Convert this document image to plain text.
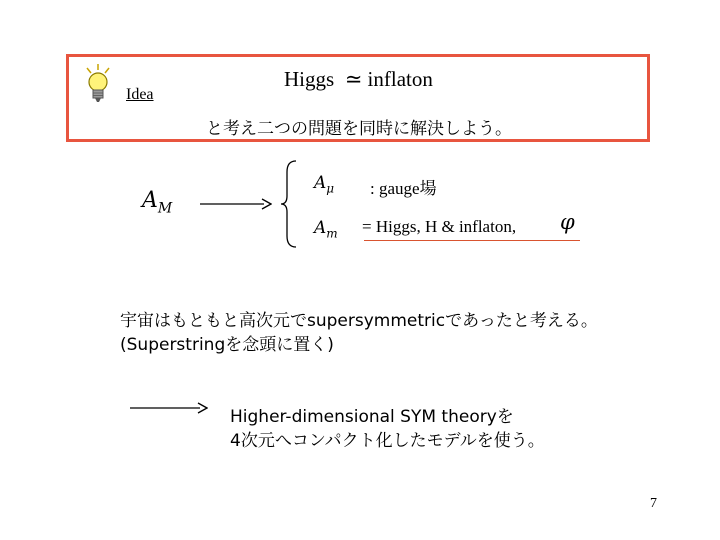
Idea
Higgs ≃ inflaton
と考え二つの問題を同時に解決しよう。
$A_M$
$A_\mu$ : gauge場
$A_m$ = Higgs, H & inflaton, φ
宇宙はもともと高次元でsupersymmetricであったと考える。
(Superstringを念頭に置く)
Higher-dimensional SYM theoryを
4次元へコンパクト化したモデルを使う。
7
